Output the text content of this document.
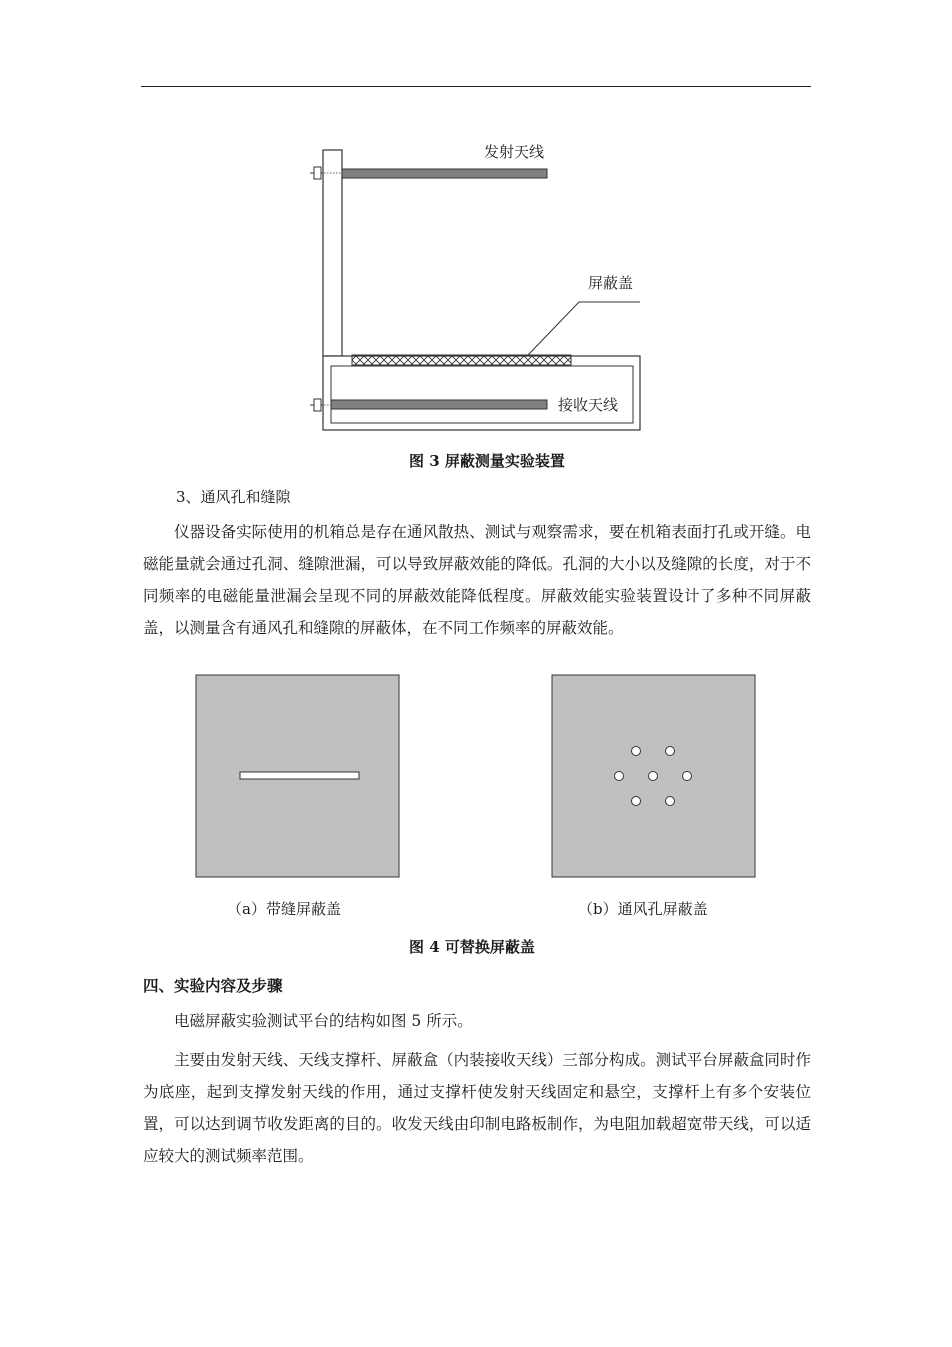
发射天线
屏蔽盖
接收天线
图 3 屏蔽测量实验装置
3、通风孔和缝隙
仪器设备实际使用的机箱总是存在通风散热、测试与观察需求，要在机箱表面打孔或开缝。电磁能量就会通过孔洞、缝隙泄漏，可以导致屏蔽效能的降低。孔洞的大小以及缝隙的长度，对于不同频率的电磁能量泄漏会呈现不同的屏蔽效能降低程度。屏蔽效能实验装置设计了多种不同屏蔽盖，以测量含有通风孔和缝隙的屏蔽体，在不同工作频率的屏蔽效能。
（a）带缝屏蔽盖	（b）通风孔屏蔽盖
图 4 可替换屏蔽盖
四、实验内容及步骤
电磁屏蔽实验测试平台的结构如图 5 所示。
主要由发射天线、天线支撑杆、屏蔽盒（内装接收天线）三部分构成。测试平台屏蔽盒同时作为底座，起到支撑发射天线的作用，通过支撑杆使发射天线固定和悬空，支撑杆上有多个安装位置，可以达到调节收发距离的目的。收发天线由印制电路板制作，为电阻加载超宽带天线，可以适应较大的测试频率范围。
